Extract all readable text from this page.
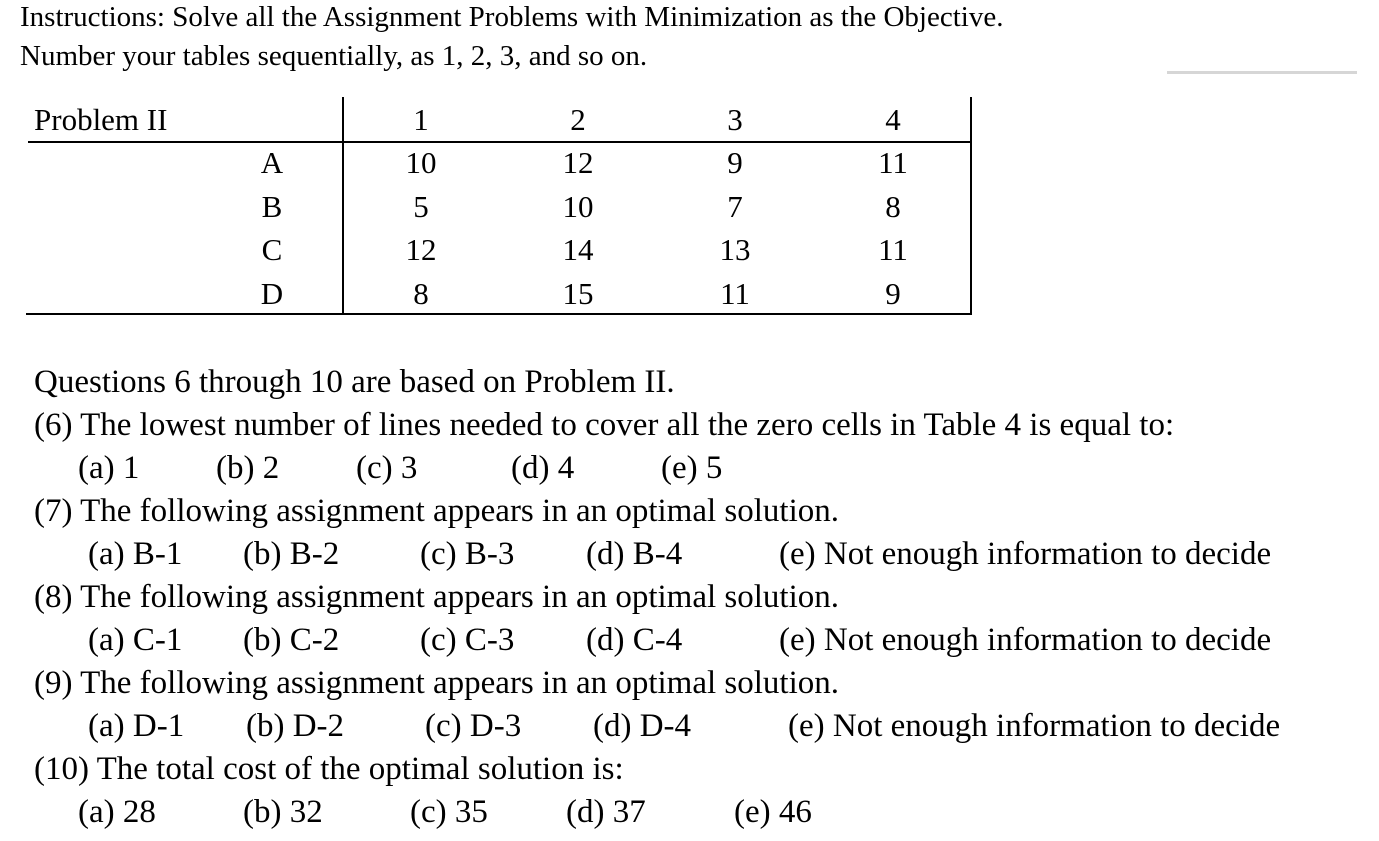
Instructions: Solve all the Assignment Problems with Minimization as the Objective.
Number your tables sequentially, as 1, 2, 3, and so on.
Problem II	1	2	3	4
A	10	12	9	11
B	5	10	7	8
C	12	14	13	11
D	8	15	11	9
Questions 6 through 10 are based on Problem II.
(6) The lowest number of lines needed to cover all the zero cells in Table 4 is equal to:
(a) 1 (b) 2 (c) 3	(d) 4	(e) 5
(7) The following assignment appears in an optimal solution.
(a) B-1 (b) B-2 (c) B-3 (d) B-4	(e) Not enough information to decide
(8) The following assignment appears in an optimal solution.
(a) C-1 (b) C-2 (c) C-3 (d) C-4	(e) Not enough information to decide
(9) The following assignment appears in an optimal solution.
(a) D-1 (b) D-2 (c) D-3 (d) D-4	(e) Not enough information to decide
(10) The total cost of the optimal solution is:
(a) 28	(b) 32	(c) 35 (d) 37	(e) 46
